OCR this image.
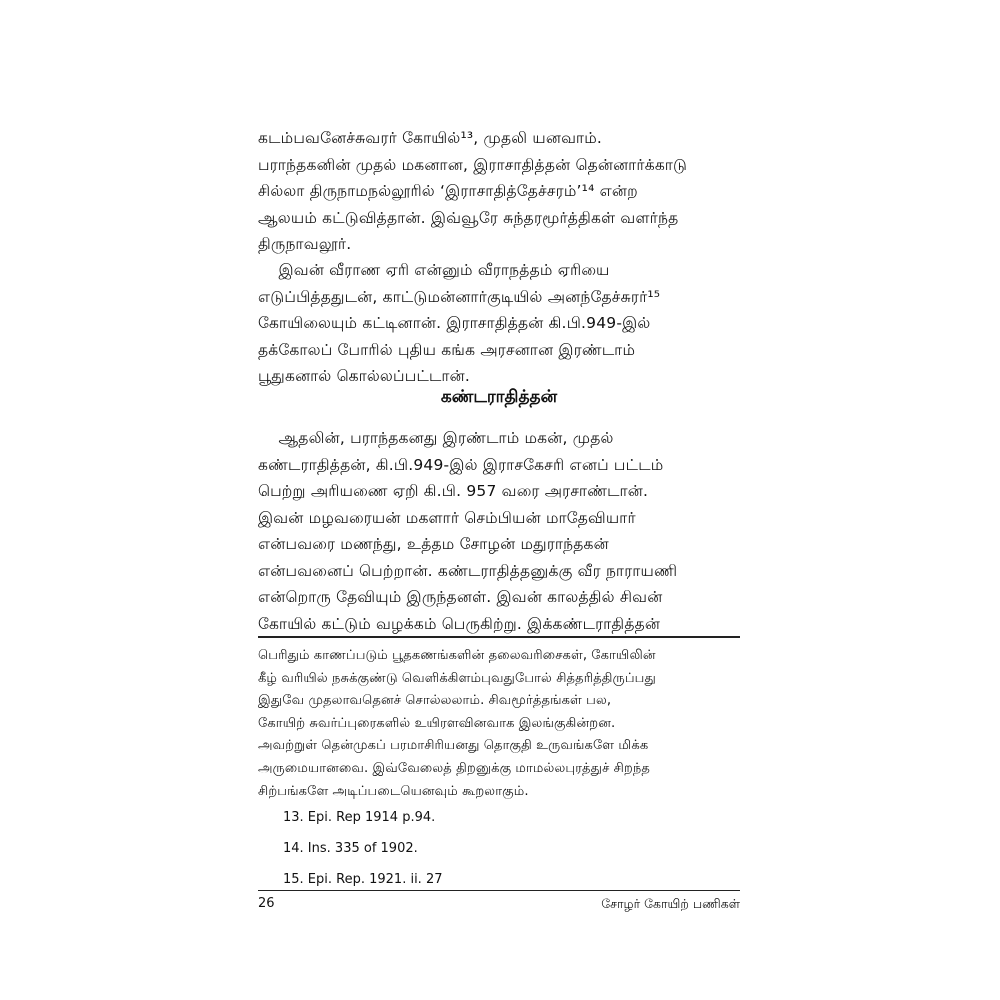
கடம்பவனேச்சுவரர் கோயில்¹³, முதலி யனவாம்.
பராந்தகனின் முதல் மகனான, இராசாதித்தன் தென்னார்க்காடு
சில்லா திருநாமநல்லூரில் ‘இராசாதித்தேச்சரம்’¹⁴ என்ற
ஆலயம் கட்டுவித்தான். இவ்வூரே சுந்தரமூர்த்திகள் வளர்ந்த
திருநாவலூர்.
இவன் வீராண ஏரி என்னும் வீராநத்தம் ஏரியை
எடுப்பித்ததுடன், காட்டுமன்னார்குடியில் அனந்தேச்சுரர்¹⁵
கோயிலையும் கட்டினான். இராசாதித்தன் கி.பி.949-இல்
தக்கோலப் போரில் புதிய கங்க அரசனான இரண்டாம்
பூதுகனால் கொல்லப்பட்டான்.
கண்டராதித்தன்
ஆதலின், பராந்தகனது இரண்டாம் மகன், முதல்
கண்டராதித்தன், கி.பி.949-இல் இராசகேசரி எனப் பட்டம்
பெற்று அரியணை ஏறி கி.பி. 957 வரை அரசாண்டான்.
இவன் மழவரையன் மகளார் செம்பியன் மாதேவியார்
என்பவரை மணந்து, உத்தம சோழன் மதுராந்தகன்
என்பவனைப் பெற்றான். கண்டராதித்தனுக்கு வீர நாராயணி
என்றொரு தேவியும் இருந்தனள். இவன் காலத்தில் சிவன்
கோயில் கட்டும் வழக்கம் பெருகிற்று. இக்கண்டராதித்தன்
பெரிதும் காணப்படும் பூதகணங்களின் தலைவரிசைகள், கோயிலின்
கீழ் வரியில் நசுக்குண்டு வெளிக்கிளம்புவதுபோல் சித்தரித்திருப்பது
இதுவே முதலாவதெனச் சொல்லலாம். சிவமூர்த்தங்கள் பல,
கோயிற் சுவர்ப்புரைகளில் உயிரளவினவாக இலங்குகின்றன.
அவற்றுள் தென்முகப் பரமாசிரியனது தொகுதி உருவங்களே மிக்க
அருமையானவை. இவ்வேலைத் திறனுக்கு மாமல்லபுரத்துச் சிறந்த
சிற்பங்களே அடிப்படையெனவும் கூறலாகும்.
13. Epi. Rep 1914 p.94.
14. Ins. 335 of 1902.
15. Epi. Rep. 1921. ii. 27
26	சோழர் கோயிற் பணிகள்
